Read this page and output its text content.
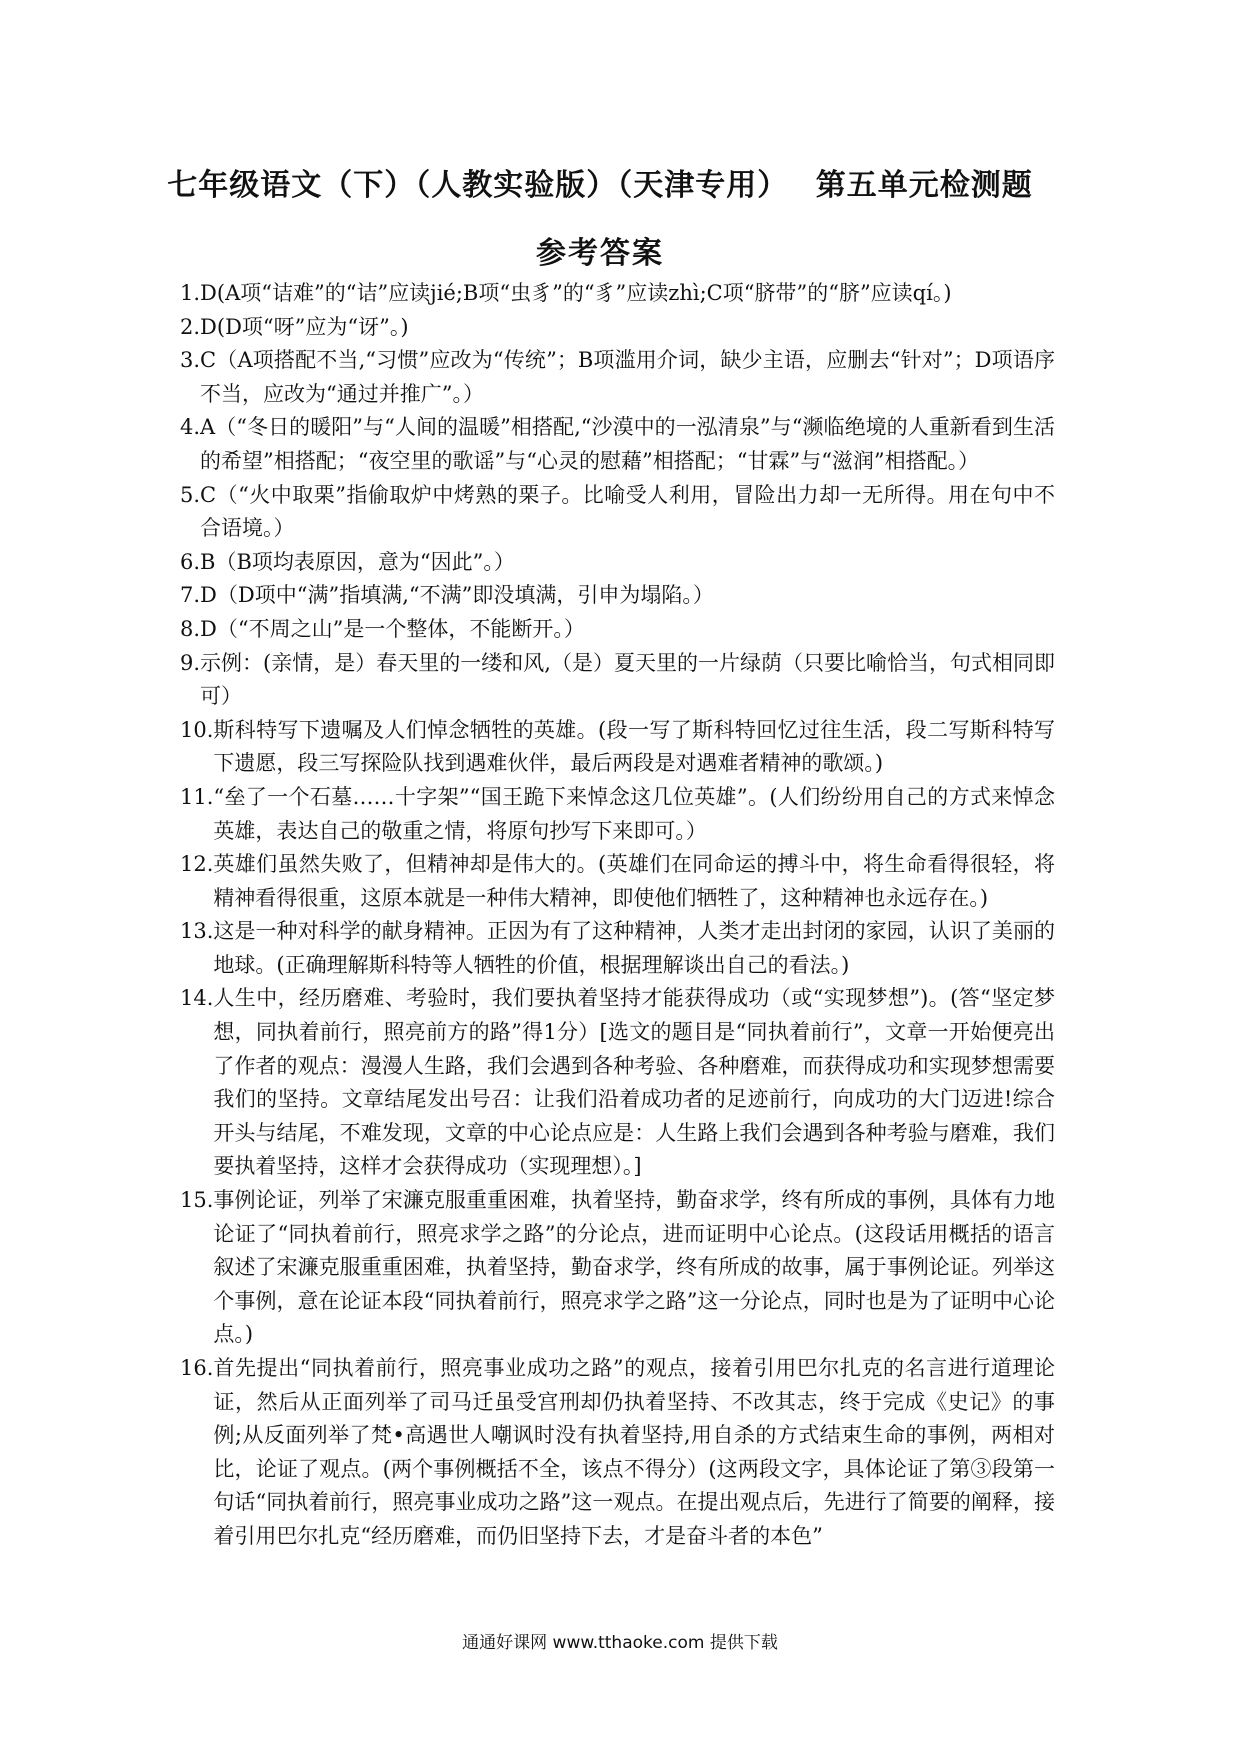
七年级语文（下）（人教实验版）（天津专用）　 第五单元检测题
参考答案
1. D(A项“诘难”的“诘”应读jié;B项“虫豸”的“豸”应读zhì;C项“脐带”的“脐”应读qí。)
2. D(D项“呀”应为“讶”。)
3. C（A项搭配不当,“习惯”应改为“传统”；B项滥用介词，缺少主语，应删去“针对”；D项语序不当，应改为“通过并推广”。）
4. A（“冬日的暖阳”与“人间的温暖”相搭配,“沙漠中的一泓清泉”与“濒临绝境的人重新看到生活的希望”相搭配；“夜空里的歌谣”与“心灵的慰藉”相搭配；“甘霖”与“滋润”相搭配。）
5. C（“火中取栗”指偷取炉中烤熟的栗子。比喻受人利用，冒险出力却一无所得。用在句中不合语境。）
6. B（B项均表原因，意为“因此”。）
7. D（D项中“满”指填满,“不满”即没填满，引申为塌陷。）
8. D（“不周之山”是一个整体，不能断开。）
9. 示例：(亲情，是）春天里的一缕和风,（是）夏天里的一片绿荫（只要比喻恰当，句式相同即可）
10. 斯科特写下遗嘱及人们悼念牺牲的英雄。(段一写了斯科特回忆过往生活，段二写斯科特写下遗愿，段三写探险队找到遇难伙伴，最后两段是对遇难者精神的歌颂。)
11. “垒了一个石墓……十字架”“国王跪下来悼念这几位英雄”。(人们纷纷用自己的方式来悼念英雄，表达自己的敬重之情，将原句抄写下来即可。）
12. 英雄们虽然失败了，但精神却是伟大的。(英雄们在同命运的搏斗中，将生命看得很轻，将精神看得很重，这原本就是一种伟大精神，即使他们牺牲了，这种精神也永远存在。)
13. 这是一种对科学的献身精神。正因为有了这种精神，人类才走出封闭的家园，认识了美丽的地球。(正确理解斯科特等人牺牲的价值，根据理解谈出自己的看法。)
14. 人生中，经历磨难、考验时，我们要执着坚持才能获得成功（或“实现梦想”)。(答“坚定梦想，同执着前行，照亮前方的路”得1分）[选文的题目是“同执着前行”，文章一开始便亮出了作者的观点：漫漫人生路，我们会遇到各种考验、各种磨难，而获得成功和实现梦想需要我们的坚持。文章结尾发出号召：让我们沿着成功者的足迹前行，向成功的大门迈进!综合开头与结尾，不难发现，文章的中心论点应是：人生路上我们会遇到各种考验与磨难，我们要执着坚持，这样才会获得成功（实现理想）。]
15. 事例论证，列举了宋濂克服重重困难，执着坚持，勤奋求学，终有所成的事例，具体有力地论证了“同执着前行，照亮求学之路”的分论点，进而证明中心论点。(这段话用概括的语言叙述了宋濂克服重重困难，执着坚持，勤奋求学，终有所成的故事，属于事例论证。列举这个事例，意在论证本段“同执着前行，照亮求学之路”这一分论点，同时也是为了证明中心论点。)
16. 首先提出“同执着前行，照亮事业成功之路”的观点，接着引用巴尔扎克的名言进行道理论证，然后从正面列举了司马迁虽受宫刑却仍执着坚持、不改其志，终于完成《史记》的事例;从反面列举了梵•高遇世人嘲讽时没有执着坚持,用自杀的方式结束生命的事例，两相对比，论证了观点。(两个事例概括不全，该点不得分）(这两段文字，具体论证了第③段第一句话“同执着前行，照亮事业成功之路”这一观点。在提出观点后，先进行了简要的阐释，接着引用巴尔扎克“经历磨难，而仍旧坚持下去，才是奋斗者的本色”
通通好课网 www.tthaoke.com 提供下载
